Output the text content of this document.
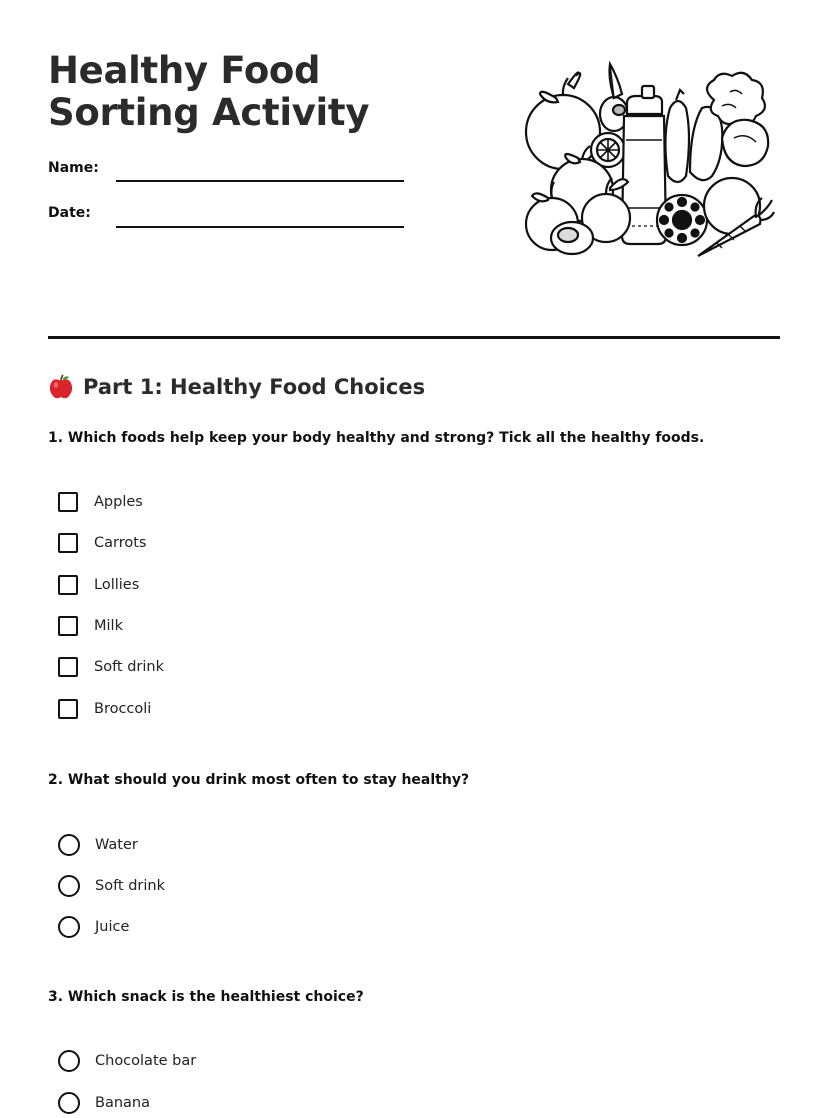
Healthy Food Sorting Activity
Name:
Date:
Part 1: Healthy Food Choices

1. Which foods help keep your body healthy and strong? Tick all the healthy foods.

Apples
Carrots
Lollies
Milk
Soft drink
Broccoli

2. What should you drink most often to stay healthy?

Water
Soft drink
Juice

3. Which snack is the healthiest choice?

Chocolate bar
Banana
